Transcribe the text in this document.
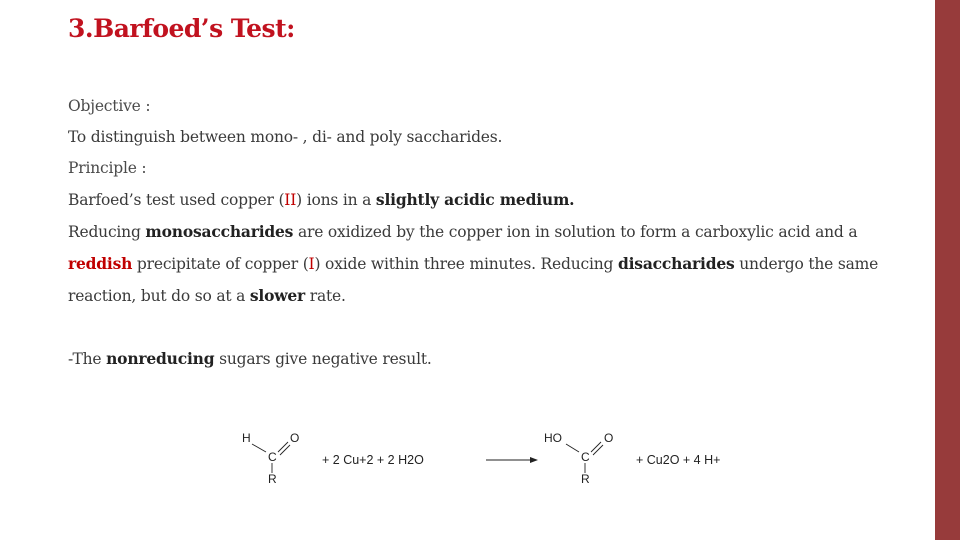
3.Barfoed’s Test:

Objective :

To distinguish between mono- , di- and poly saccharides.

Principle :

Barfoed’s test used copper (II) ions in a slightly acidic medium.

Reducing monosaccharides are oxidized by the copper ion in solution to form a carboxylic acid and a reddish precipitate of copper (I) oxide within three minutes. Reducing disaccharides undergo the same reaction, but do so at a slower rate.

-The nonreducing sugars give negative result.

H	O
C
R
+ 2 Cu+2 + 2 H2O
HO	O
C
R
+ Cu2O + 4 H+
